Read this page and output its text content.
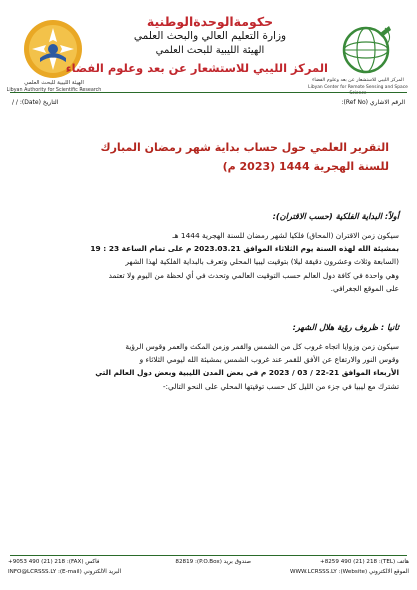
الهيئة الليبية للبحث العلمي
Libyan Authority for Scientific Research
المركز الليبي للاستشعار عن بعد وعلوم الفضاء
Libyan Center for Remote Sensing and Space Science
حكومةالوحدةالوطنية
وزارة التعليم العالي والبحث العلمي
الهيئة الليبية للبحث العلمي
المركز الليبي للاستشعار عن بعد وعلوم الفضاء
الرقم الاشاري (Ref No):
التاريخ (Date): / /
التقرير العلمي حول حساب بداية شهر رمضان المبارك
للسنة الهجرية 1444 (2023 م)
أولاً: البداية الفلكية (حسب الاقتران):
سيكون زمن الاقتران (المحاق) فلكيا لشهر رمضان للسنة الهجرية 1444 هـ
بمشيئة الله لهذه السنة يوم الثلاثاء الموافق 2023.03.21 م على تمام الساعة 23 : 19
(السابعة وثلاث وعشرون دقيقة ليلا) بتوقيت ليبيا المحلي وتعرف بالبداية الفلكية لهذا الشهر
وهي واحدة في كافة دول العالم حسب التوقيت العالمي وتحدث في أي لحظة من اليوم ولا تعتمد
على الموقع الجغرافي.
ثانيا : ظروف رؤية هلال الشهر:
سيكون زمن وزوايا اتجاه غروب كل من الشمس والقمر وزمن المكث والعمر وقوس الرؤية
وقوس النور والارتفاع عن الأفق للقمر عند غروب الشمس بمشيئة الله ليومي الثلاثاء و
الأربعاء الموافق 21-22 / 03 / 2023 م في بعض المدن الليبية وبعض دول العالم التي
تشترك مع ليبيا في جزء من الليل كل حسب توقيتها المحلي على النحو التالي:-
هاتف (TEL): 8259 490 (21) 218+
صندوق بريد (P.O.Box): 82819
فاكس (FAX): 9053 490 (21) 218+
الموقع الالكتروني (Website): WWW.LCRSSS.LY
البريد الالكتروني (E-mail): INFO@LCRSSS.LY
